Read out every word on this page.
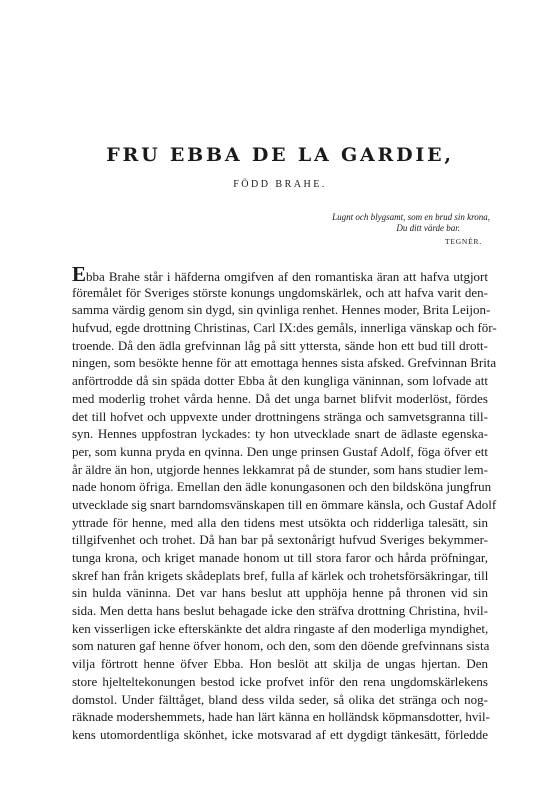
FRU EBBA DE LA GARDIE,
FÖDD BRAHE.
Lugnt och blygsamt, som en brud sin krona,

Du ditt värde bar.
TEGNÉR.
Ebba Brahe står i häfderna omgifven af den romantiska äran att hafva utgjort
föremålet för Sveriges störste konungs ungdomskärlek, och att hafva varit den-
samma värdig genom sin dygd, sin qvinliga renhet. Hennes moder, Brita Leijon-
hufvud, egde drottning Christinas, Carl IX:des gemåls, innerliga vänskap och för-
troende. Då den ädla grefvinnan låg på sitt yttersta, sände hon ett bud till drott-
ningen, som besökte henne för att emottaga hennes sista afsked. Grefvinnan Brita
anförtrodde då sin späda dotter Ebba åt den kungliga väninnan, som lofvade att
med moderlig trohet vårda henne. Då det unga barnet blifvit moderlöst, fördes
det till hofvet och uppvexte under drottningens stränga och samvetsgranna till-
syn. Hennes uppfostran lyckades: ty hon utvecklade snart de ädlaste egenska-
per, som kunna pryda en qvinna. Den unge prinsen Gustaf Adolf, föga öfver ett
år äldre än hon, utgjorde hennes lekkamrat på de stunder, som hans studier lem-
nade honom öfriga. Emellan den ädle konungasonen och den bildsköna jungfrun
utvecklade sig snart barndomsvänskapen till en ömmare känsla, och Gustaf Adolf
yttrade för henne, med alla den tidens mest utsökta och ridderliga talesätt, sin
tillgifvenhet och trohet. Då han bar på sextonårigt hufvud Sveriges bekymmer-
tunga krona, och kriget manade honom ut till stora faror och hårda pröfningar,
skref han från krigets skådeplats bref, fulla af kärlek och trohetsförsäkringar, till
sin hulda väninna. Det var hans beslut att upphöja henne på thronen vid sin
sida. Men detta hans beslut behagade icke den sträfva drottning Christina, hvil-
ken visserligen icke efterskänkte det aldra ringaste af den moderliga myndighet,
som naturen gaf henne öfver honom, och den, som den döende grefvinnans sista
vilja förtrott henne öfver Ebba. Hon beslöt att skilja de ungas hjertan. Den
store hjelteltekonungen bestod icke profvet inför den rena ungdomskärlekens
domstol. Under fälttåget, bland dess vilda seder, så olika det stränga och nog-
räknade modershemmets, hade han lärt känna en holländsk köpmansdotter, hvil-
kens utomordentliga skönhet, icke motsvarad af ett dygdigt tänkesätt, förledde
